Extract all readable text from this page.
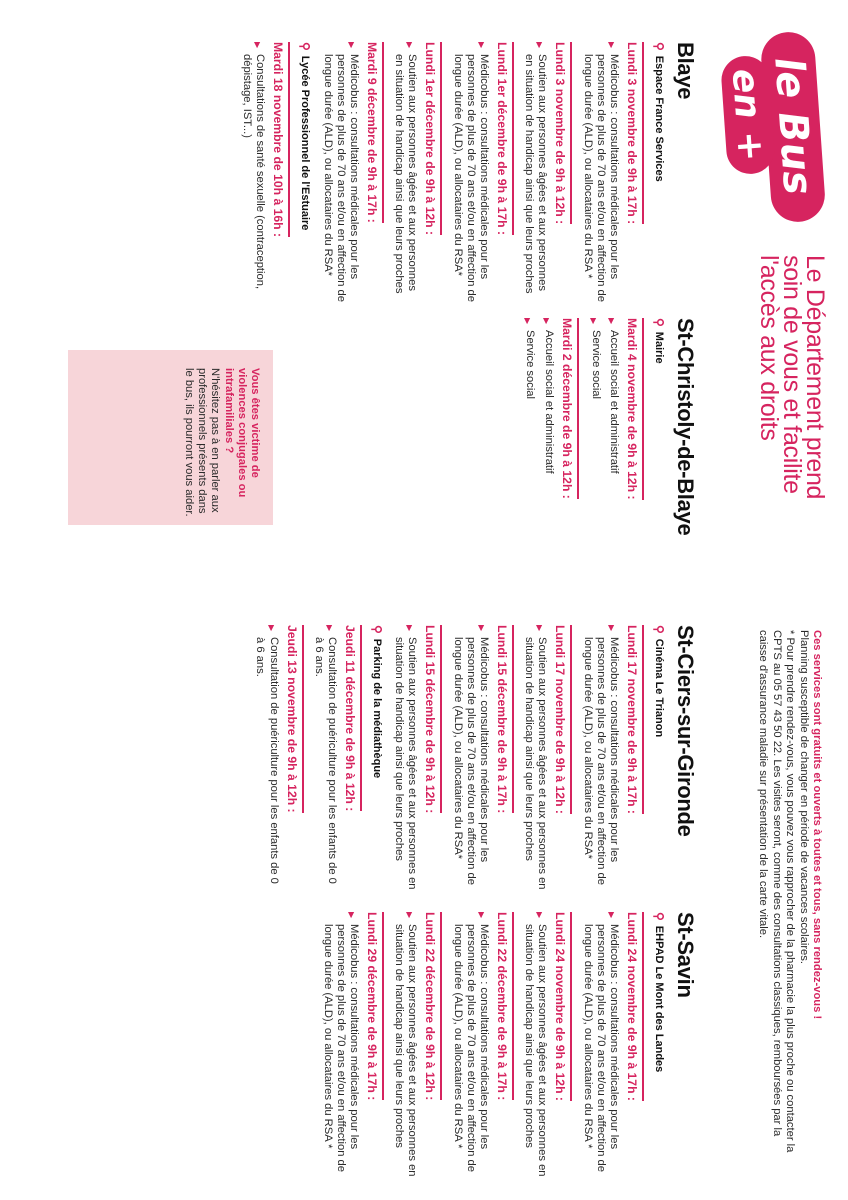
le Bus
en +
Le Département prend
soin de vous et facilite
l'accès aux droits
Ces services sont gratuits et ouverts à toutes et tous, sans rendez-vous !
Planning susceptible de changer en période de vacances scolaires.
* Pour prendre rendez-vous, vous pouvez vous rapprocher de la pharmacie la plus proche ou contacter la CPTS au 05 57 43 50 22. Les visites seront, comme des consultations classiques, remboursées par la caisse d'assurance maladie sur présentation de la carte vitale.
Blaye
⚲
Espace France Services
Lundi 3 novembre de 9h à 17h :
▶
Médicobus : consultations médicales pour les personnes de plus de 70 ans et/ou en affection de longue durée (ALD), ou allocataires du RSA *
Lundi 3 novembre de 9h à 12h :
▶
Soutien aux personnes âgées et aux personnes en situation de handicap ainsi que leurs proches
Lundi 1er décembre de 9h à 17h :
▶
Médicobus : consultations médicales pour les personnes de plus de 70 ans et/ou en affection de longue durée (ALD), ou allocataires du RSA*
Lundi 1er décembre de 9h à 12h :
▶
Soutien aux personnes âgées et aux personnes en situation de handicap ainsi que leurs proches
Mardi 9 décembre de 9h à 17h :
▶
Médicobus : consultations médicales pour les personnes de plus de 70 ans et/ou en affection de longue durée (ALD), ou allocataires du RSA*
⚲
Lycée Professionnel de l'Estuaire
Mardi 18 novembre de 10h à 16h :
▶
Consultations de santé sexuelle (contraception, dépistage, IST...)
St-Christoly-de-Blaye
⚲
Mairie
Mardi 4 novembre de 9h à 12h :
▶
Accueil social et administratif
▶
Service social
Mardi 2 décembre de 9h à 12h :
▶
Accueil social et administratif
▶
Service social
Vous êtes victime de violences conjugales ou intrafamiliales ?
N'hésitez pas à en parler aux professionnels présents dans le bus, ils pourront vous aider.
St-Ciers-sur-Gironde
⚲
Cinéma Le Trianon
Lundi 17 novembre de 9h à 17h :
▶
Médicobus : consultations médicales pour les personnes de plus de 70 ans et/ou en affection de longue durée (ALD), ou allocataires du RSA*
Lundi 17 novembre de 9h à 12h :
▶
Soutien aux personnes âgées et aux personnes en situation de handicap ainsi que leurs proches
Lundi 15 décembre de 9h à 17h :
▶
Médicobus : consultations médicales pour les personnes de plus de 70 ans et/ou en affection de longue durée (ALD), ou allocataires du RSA*
Lundi 15 décembre de 9h à 12h :
▶
Soutien aux personnes âgées et aux personnes en situation de handicap ainsi que leurs proches
⚲
Parking de la médiathèque
Jeudi 11 décembre de 9h à 12h :
▶
Consultation de puériculture pour les enfants de 0 à 6 ans.
Jeudi 13 novembre de 9h à 12h :
▶
Consultation de puériculture pour les enfants de 0 à 6 ans.
St-Savin
⚲
EHPAD Le Mont des Landes
Lundi 24 novembre de 9h à 17h :
▶
Médicobus : consultations médicales pour les personnes de plus de 70 ans et/ou en affection de longue durée (ALD), ou allocataires du RSA *
Lundi 24 novembre de 9h à 12h :
▶
Soutien aux personnes âgées et aux personnes en situation de handicap ainsi que leurs proches
Lundi 22 décembre de 9h à 17h :
▶
Médicobus : consultations médicales pour les personnes de plus de 70 ans et/ou en affection de longue durée (ALD), ou allocataires du RSA *
Lundi 22 décembre de 9h à 12h :
▶
Soutien aux personnes âgées et aux personnes en situation de handicap ainsi que leurs proches
Lundi 29 décembre de 9h à 17h :
▶
Médicobus : consultations médicales pour les personnes de plus de 70 ans et/ou en affection de longue durée (ALD), ou allocataires du RSA *
